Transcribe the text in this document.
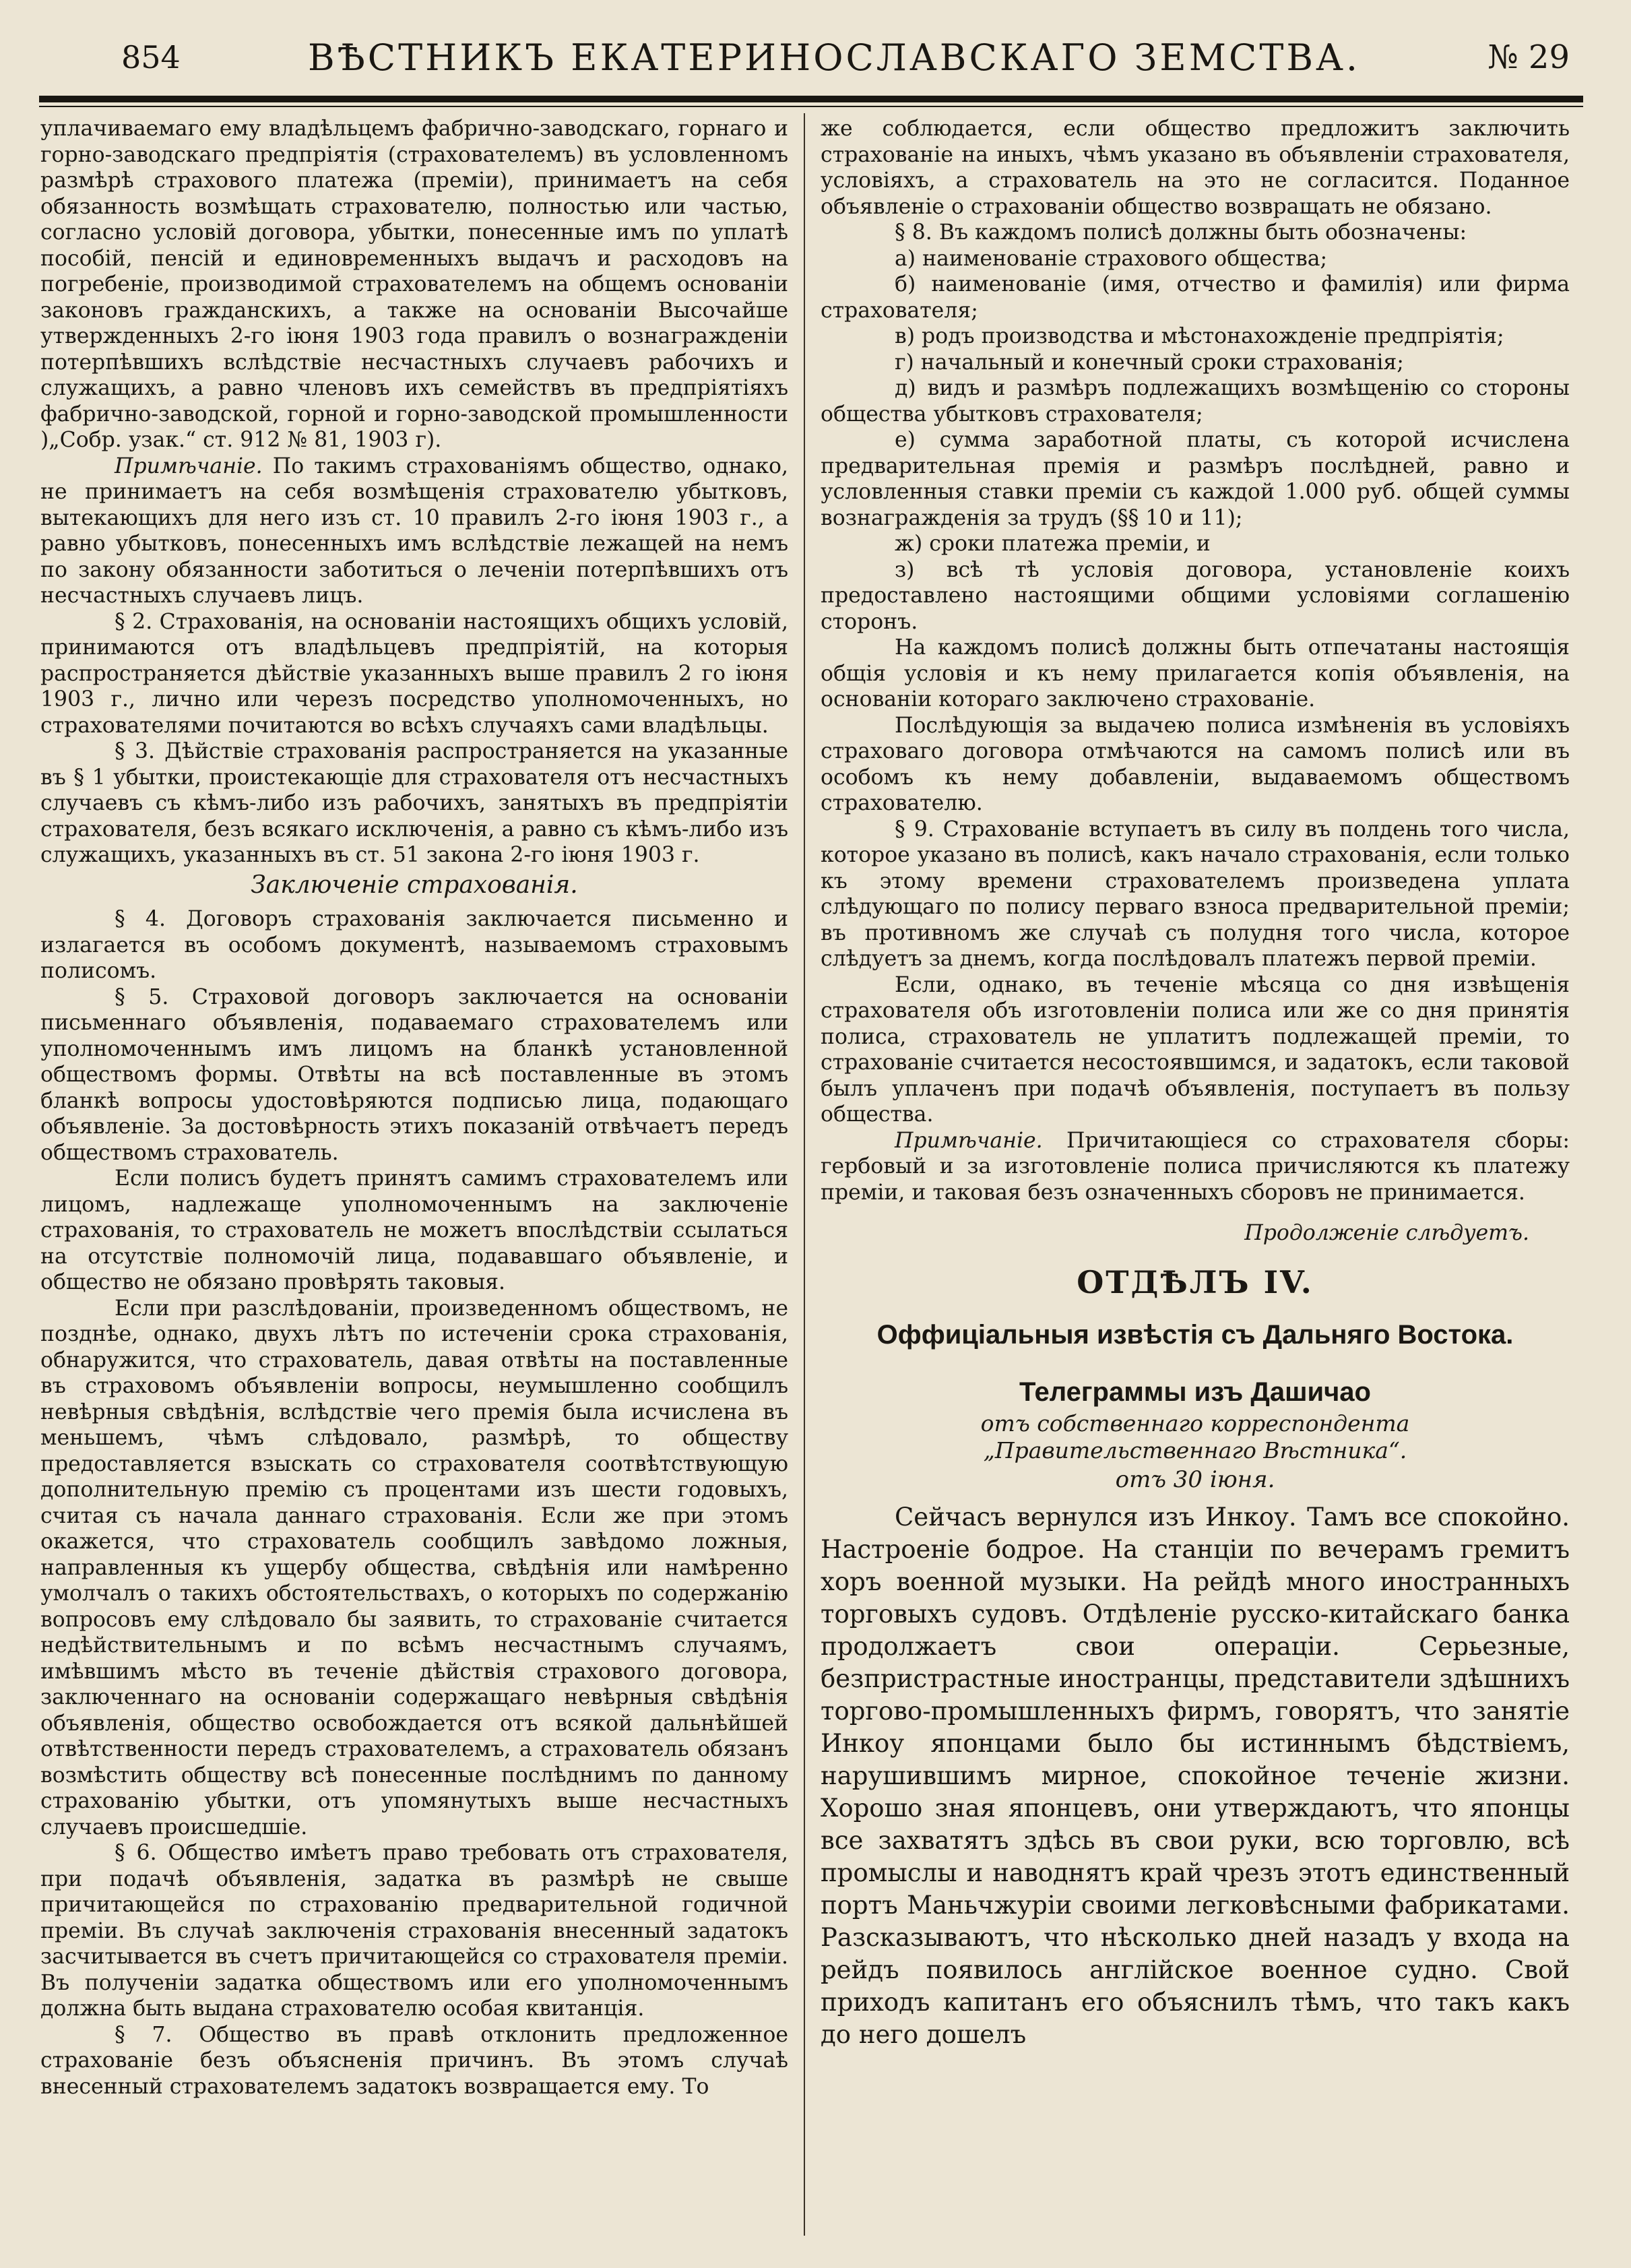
854	ВѢСТНИКЪ ЕКАТЕРИНОСЛАВСКАГО ЗЕМСТВА.	№ 29

уплачиваемаго ему владѣльцемъ фабрично-заводскаго, горнаго и горно-заводскаго предпріятія (страхователемъ) въ условленномъ размѣрѣ страхового платежа (преміи), принимаетъ на себя обязанность возмѣщать страхователю, полностью или частью, согласно условій договора, убытки, понесенные имъ по уплатѣ пособій, пенсій и единовременныхъ выдачъ и расходовъ на погребеніе, производимой страхователемъ на общемъ основаніи законовъ гражданскихъ, а также на основаніи Высочайше утвержденныхъ 2-го іюня 1903 года правилъ о вознагражденіи потерпѣвшихъ вслѣдствіе несчастныхъ случаевъ рабочихъ и служащихъ, а равно членовъ ихъ семействъ въ предпріятіяхъ фабрично-заводской, горной и горно-заводской промышленности )„Собр. узак.“ ст. 912 № 81, 1903 г).

Примѣчаніе. По такимъ страхованіямъ общество, однако, не принимаетъ на себя возмѣщенія страхователю убытковъ, вытекающихъ для него изъ ст. 10 правилъ 2-го іюня 1903 г., а равно убытковъ, понесенныхъ имъ вслѣдствіе лежащей на немъ по закону обязанности заботиться о леченіи потерпѣвшихъ отъ несчастныхъ случаевъ лицъ.

§ 2. Страхованія, на основаніи настоящихъ общихъ условій, принимаются отъ владѣльцевъ предпріятій, на которыя распространяется дѣйствіе указанныхъ выше правилъ 2 го іюня 1903 г., лично или черезъ посредство уполномоченныхъ, но страхователями почитаются во всѣхъ случаяхъ сами владѣльцы.

§ 3. Дѣйствіе страхованія распространяется на указанные въ § 1 убытки, проистекающіе для страхователя отъ несчастныхъ случаевъ съ кѣмъ-либо изъ рабочихъ, занятыхъ въ предпріятіи страхователя, безъ всякаго исключенія, а равно съ кѣмъ-либо изъ служащихъ, указанныхъ въ ст. 51 закона 2-го іюня 1903 г.

Заключеніе страхованія.

§ 4. Договоръ страхованія заключается письменно и излагается въ особомъ документѣ, называемомъ страховымъ полисомъ.

§ 5. Страховой договоръ заключается на основаніи письменнаго объявленія, подаваемаго страхователемъ или уполномоченнымъ имъ лицомъ на бланкѣ установленной обществомъ формы. Отвѣты на всѣ поставленные въ этомъ бланкѣ вопросы удостовѣряются подписью лица, подающаго объявленіе. За достовѣрность этихъ показаній отвѣчаетъ передъ обществомъ страхователь.

Если полисъ будетъ принятъ самимъ страхователемъ или лицомъ, надлежаще уполномоченнымъ на заключеніе страхованія, то страхователь не можетъ впослѣдствіи ссылаться на отсутствіе полномочій лица, подававшаго объявленіе, и общество не обязано провѣрять таковыя.

Если при разслѣдованіи, произведенномъ обществомъ, не позднѣе, однако, двухъ лѣтъ по истеченіи срока страхованія, обнаружится, что страхователь, давая отвѣты на поставленные въ страховомъ объявленіи вопросы, неумышленно сообщилъ невѣрныя свѣдѣнія, вслѣдствіе чего премія была исчислена въ меньшемъ, чѣмъ слѣдовало, размѣрѣ, то обществу предоставляется взыскать со страхователя соотвѣтствующую дополнительную премію съ процентами изъ шести годовыхъ, считая съ начала даннаго страхованія. Если же при этомъ окажется, что страхователь сообщилъ завѣдомо ложныя, направленныя къ ущербу общества, свѣдѣнія или намѣренно умолчалъ о такихъ обстоятельствахъ, о которыхъ по содержанію вопросовъ ему слѣдовало бы заявить, то страхованіе считается недѣйствительнымъ и по всѣмъ несчастнымъ случаямъ, имѣвшимъ мѣсто въ теченіе дѣйствія страхового договора, заключеннаго на основаніи содержащаго невѣрныя свѣдѣнія объявленія, общество освобождается отъ всякой дальнѣйшей отвѣтственности передъ страхователемъ, а страхователь обязанъ возмѣстить обществу всѣ понесенные послѣднимъ по данному страхованію убытки, отъ упомянутыхъ выше несчастныхъ случаевъ происшедшіе.

§ 6. Общество имѣетъ право требовать отъ страхователя, при подачѣ объявленія, задатка въ размѣрѣ не свыше причитающейся по страхованію предварительной годичной преміи. Въ случаѣ заключенія страхованія внесенный задатокъ засчитывается въ счетъ причитающейся со страхователя преміи. Въ полученіи задатка обществомъ или его уполномоченнымъ должна быть выдана страхователю особая квитанція.

§ 7. Общество въ правѣ отклонить предложенное страхованіе безъ объясненія причинъ. Въ этомъ случаѣ внесенный страхователемъ задатокъ возвращается ему. То

же соблюдается, если общество предложитъ заключить страхованіе на иныхъ, чѣмъ указано въ объявленіи страхователя, условіяхъ, а страхователь на это не согласится. Поданное объявленіе о страхованіи общество возвращать не обязано.

§ 8. Въ каждомъ полисѣ должны быть обозначены:

а) наименованіе страхового общества;

б) наименованіе (имя, отчество и фамилія) или фирма страхователя;

в) родъ производства и мѣстонахожденіе предпріятія;

г) начальный и конечный сроки страхованія;

д) видъ и размѣръ подлежащихъ возмѣщенію со стороны общества убытковъ страхователя;

е) сумма заработной платы, съ которой исчислена предварительная премія и размѣръ послѣдней, равно и условленныя ставки преміи съ каждой 1.000 руб. общей суммы вознагражденія за трудъ (§§ 10 и 11);

ж) сроки платежа преміи, и

з) всѣ тѣ условія договора, установленіе коихъ предоставлено настоящими общими условіями соглашенію сторонъ.

На каждомъ полисѣ должны быть отпечатаны настоящія общія условія и къ нему прилагается копія объявленія, на основаніи котораго заключено страхованіе.

Послѣдующія за выдачею полиса измѣненія въ условіяхъ страховаго договора отмѣчаются на самомъ полисѣ или въ особомъ къ нему добавленіи, выдаваемомъ обществомъ страхователю.

§ 9. Страхованіе вступаетъ въ силу въ полдень того числа, которое указано въ полисѣ, какъ начало страхованія, если только къ этому времени страхователемъ произведена уплата слѣдующаго по полису перваго взноса предварительной преміи; въ противномъ же случаѣ съ полудня того числа, которое слѣдуетъ за днемъ, когда послѣдовалъ платежъ первой преміи.

Если, однако, въ теченіе мѣсяца со дня извѣщенія страхователя объ изготовленіи полиса или же со дня принятія полиса, страхователь не уплатитъ подлежащей преміи, то страхованіе считается несостоявшимся, и задатокъ, если таковой былъ уплаченъ при подачѣ объявленія, поступаетъ въ пользу общества.

Примѣчаніе. Причитающіеся со страхователя сборы: гербовый и за изготовленіе полиса причисляются къ платежу преміи, и таковая безъ означенныхъ сборовъ не принимается.

Продолженіе слѣдуетъ.
ОТДѢЛЪ IV.
Оффиціальныя извѣстія съ Дальняго Востока.
Телеграммы изъ Дашичао
отъ собственнаго корреспондента „Правительственнаго Вѣстника“.
отъ 30 іюня.

Сейчасъ вернулся изъ Инкоу. Тамъ все спокойно. Настроеніе бодрое. На станціи по вечерамъ гремитъ хоръ военной музыки. На рейдѣ много иностранныхъ торговыхъ судовъ. Отдѣленіе русско-китайскаго банка продолжаетъ свои операціи. Серьезные, безпристрастные иностранцы, представители здѣшнихъ торгово-промышленныхъ фирмъ, говорятъ, что занятіе Инкоу японцами было бы истиннымъ бѣдствіемъ, нарушившимъ мирное, спокойное теченіе жизни. Хорошо зная японцевъ, они утверждаютъ, что японцы все захватятъ здѣсь въ свои руки, всю торговлю, всѣ промыслы и наводнятъ край чрезъ этотъ единственный портъ Маньчжуріи своими легковѣсными фабрикатами. Разсказываютъ, что нѣсколько дней назадъ у входа на рейдъ появилось англійское военное судно. Свой приходъ капитанъ его объяснилъ тѣмъ, что такъ какъ до него дошелъ
